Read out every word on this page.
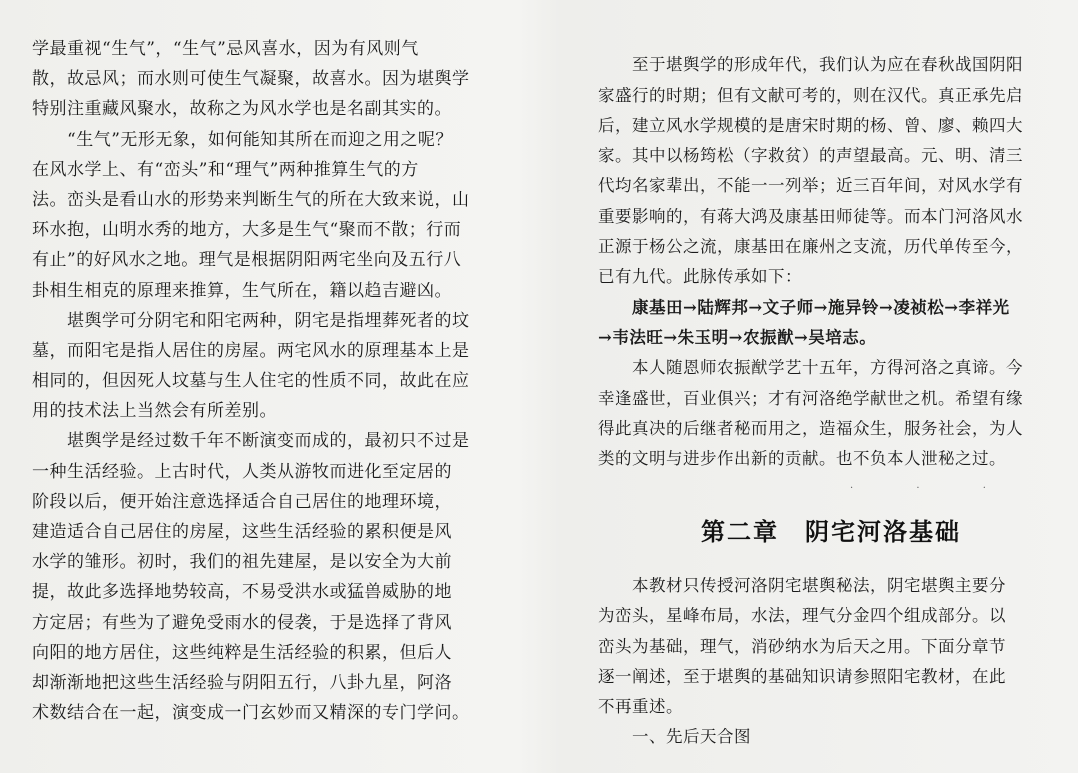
学最重视“生气”，“生气”忌风喜水，因为有风则气
散，故忌风；而水则可使生气凝聚，故喜水。因为堪舆学
特别注重藏风聚水，故称之为风水学也是名副其实的。
　　“生气”无形无象，如何能知其所在而迎之用之呢？
在风水学上、有“峦头”和“理气”两种推算生气的方
法。峦头是看山水的形势来判断生气的所在大致来说，山
环水抱，山明水秀的地方，大多是生气“聚而不散；行而
有止”的好风水之地。理气是根据阴阳两宅坐向及五行八
卦相生相克的原理来推算，生气所在，籍以趋吉避凶。
　　堪舆学可分阴宅和阳宅两种，阴宅是指埋葬死者的坟
墓，而阳宅是指人居住的房屋。两宅风水的原理基本上是
相同的，但因死人坟墓与生人住宅的性质不同，故此在应
用的技术法上当然会有所差别。
　　堪舆学是经过数千年不断演变而成的，最初只不过是
一种生活经验。上古时代，人类从游牧而进化至定居的
阶段以后，便开始注意选择适合自己居住的地理环境，
建造适合自己居住的房屋，这些生活经验的累积便是风
水学的雏形。初时，我们的祖先建屋，是以安全为大前
提，故此多选择地势较高，不易受洪水或猛兽威胁的地
方定居；有些为了避免受雨水的侵袭，于是选择了背风
向阳的地方居住，这些纯粹是生活经验的积累，但后人
却渐渐地把这些生活经验与阴阳五行，八卦九星，阿洛
术数结合在一起，演变成一门玄妙而又精深的专门学问。
　　至于堪舆学的形成年代，我们认为应在春秋战国阴阳
家盛行的时期；但有文献可考的，则在汉代。真正承先启
后，建立风水学规模的是唐宋时期的杨、曾、廖、赖四大
家。其中以杨筠松（字救贫）的声望最高。元、明、清三
代均名家辈出，不能一一列举；近三百年间，对风水学有
重要影响的，有蒋大鸿及康基田师徒等。而本门河洛风水
正源于杨公之流，康基田在廉州之支流，历代单传至今，
已有九代。此脉传承如下：
　　康基田→陆辉邦→文子师→施异铃→凌祯松→李祥光
→韦法旺→朱玉明→农振猷→吴培志。
　　本人随恩师农振猷学艺十五年，方得河洛之真谛。今
幸逢盛世，百业俱兴；才有河洛绝学献世之机。希望有缘
得此真决的后继者秘而用之，造福众生，服务社会，为人
类的文明与进步作出新的贡献。也不负本人泄秘之过。
· · ·
第二章 阴宅河洛基础
　　本教材只传授河洛阴宅堪舆秘法，阴宅堪舆主要分
为峦头，星峰布局，水法，理气分金四个组成部分。以
峦头为基础，理气，消砂纳水为后天之用。下面分章节
逐一阐述，至于堪舆的基础知识请参照阳宅教材，在此
不再重述。
　　一、先后天合图
